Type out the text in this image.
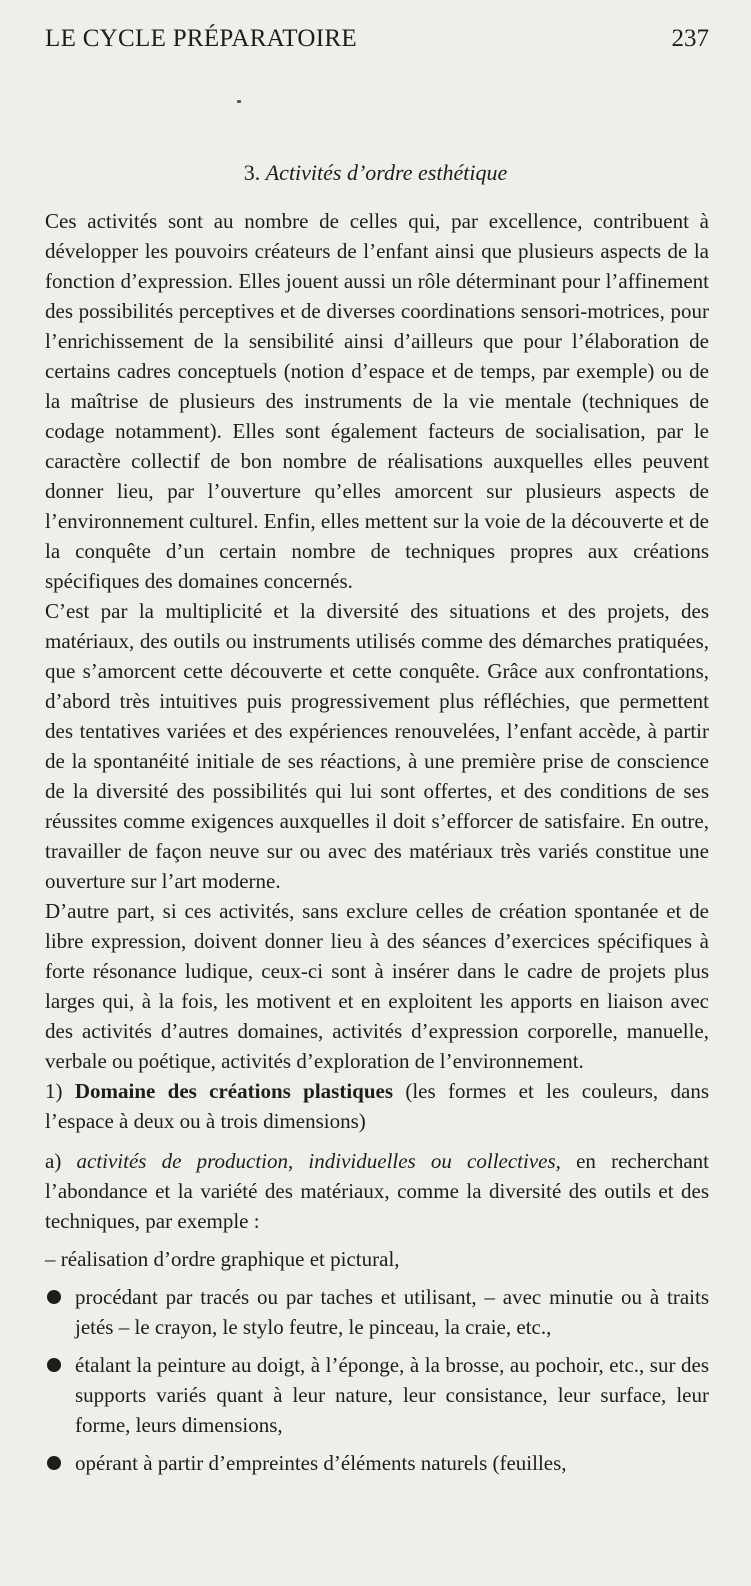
LE CYCLE PRÉPARATOIRE	237
3. Activités d’ordre esthétique

Ces activités sont au nombre de celles qui, par excellence, contribuent à développer les pouvoirs créateurs de l’enfant ainsi que plusieurs aspects de la fonction d’expression. Elles jouent aussi un rôle déterminant pour l’affinement des possibilités perceptives et de diverses coordinations sensori-motrices, pour l’enrichissement de la sensibilité ainsi d’ailleurs que pour l’élaboration de certains cadres conceptuels (notion d’espace et de temps, par exemple) ou de la maîtrise de plusieurs des instruments de la vie mentale (techniques de codage notamment). Elles sont également facteurs de socialisation, par le caractère collectif de bon nombre de réalisations auxquelles elles peuvent donner lieu, par l’ouverture qu’elles amorcent sur plusieurs aspects de l’environnement culturel. Enfin, elles mettent sur la voie de la découverte et de la conquête d’un certain nombre de techniques propres aux créations spécifiques des domaines concernés.

C’est par la multiplicité et la diversité des situations et des projets, des matériaux, des outils ou instruments utilisés comme des démarches pratiquées, que s’amorcent cette découverte et cette conquête. Grâce aux confrontations, d’abord très intuitives puis progressivement plus réfléchies, que permettent des tentatives variées et des expériences renouvelées, l’enfant accède, à partir de la spontanéité initiale de ses réactions, à une première prise de conscience de la diversité des possibilités qui lui sont offertes, et des conditions de ses réussites comme exigences auxquelles il doit s’efforcer de satisfaire. En outre, travailler de façon neuve sur ou avec des matériaux très variés constitue une ouverture sur l’art moderne.

D’autre part, si ces activités, sans exclure celles de création spontanée et de libre expression, doivent donner lieu à des séances d’exercices spécifiques à forte résonance ludique, ceux-ci sont à insérer dans le cadre de projets plus larges qui, à la fois, les motivent et en exploitent les apports en liaison avec des activités d’autres domaines, activités d’expression corporelle, manuelle, verbale ou poétique, activités d’exploration de l’environnement.

1) Domaine des créations plastiques (les formes et les couleurs, dans l’espace à deux ou à trois dimensions)

a) activités de production, individuelles ou collectives, en recherchant l’abondance et la variété des matériaux, comme la diversité des outils et des techniques, par exemple :

– réalisation d’ordre graphique et pictural,

procédant par tracés ou par taches et utilisant, – avec minutie ou à traits jetés – le crayon, le stylo feutre, le pinceau, la craie, etc.,

étalant la peinture au doigt, à l’éponge, à la brosse, au pochoir, etc., sur des supports variés quant à leur nature, leur consistance, leur surface, leur forme, leurs dimensions,

opérant à partir d’empreintes d’éléments naturels (feuilles,
